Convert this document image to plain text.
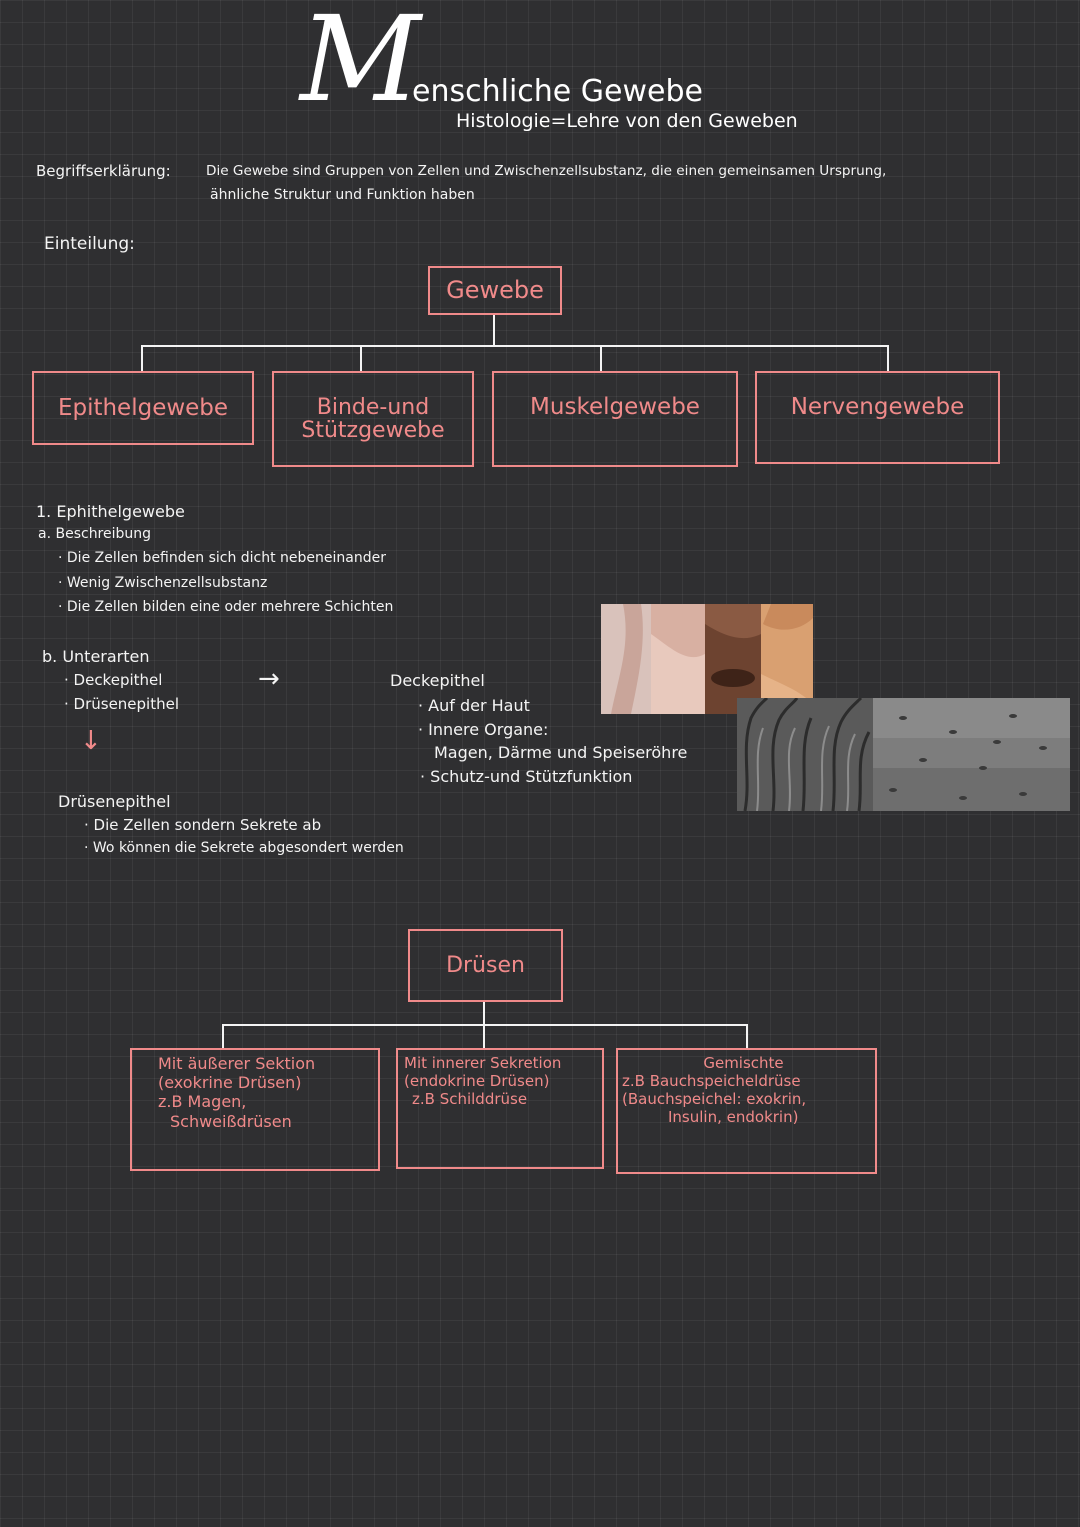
M
enschliche Gewebe
Histologie=Lehre von den Geweben
Begriffserklärung:	Die Gewebe sind Gruppen von Zellen und Zwischenzellsubstanz, die einen gemeinsamen Ursprung,
ähnliche Struktur und Funktion haben
Einteilung:
Gewebe
Epithelgewebe	Binde-und Stützgewebe
Muskelgewebe	Nervengewebe
1. Ephithelgewebe
a. Beschreibung
· Die Zellen befinden sich dicht nebeneinander
· Wenig Zwischenzellsubstanz
· Die Zellen bilden eine oder mehrere Schichten
b. Unterarten
· Deckepithel
· Drüsenepithel
→
↓
Deckepithel
· Auf der Haut
· Innere Organe:
Magen, Därme und Speiseröhre
· Schutz-und Stützfunktion
Drüsenepithel
· Die Zellen sondern Sekrete ab
· Wo können die Sekrete abgesondert werden
Drüsen
Mit äußerer Sektion
(exokrine Drüsen)
z.B Magen,
Schweißdrüsen
Mit innerer Sekretion
(endokrine Drüsen)
z.B Schilddrüse
Gemischte
z.B Bauchspeicheldrüse
(Bauchspeichel: exokrin,
Insulin, endokrin)
